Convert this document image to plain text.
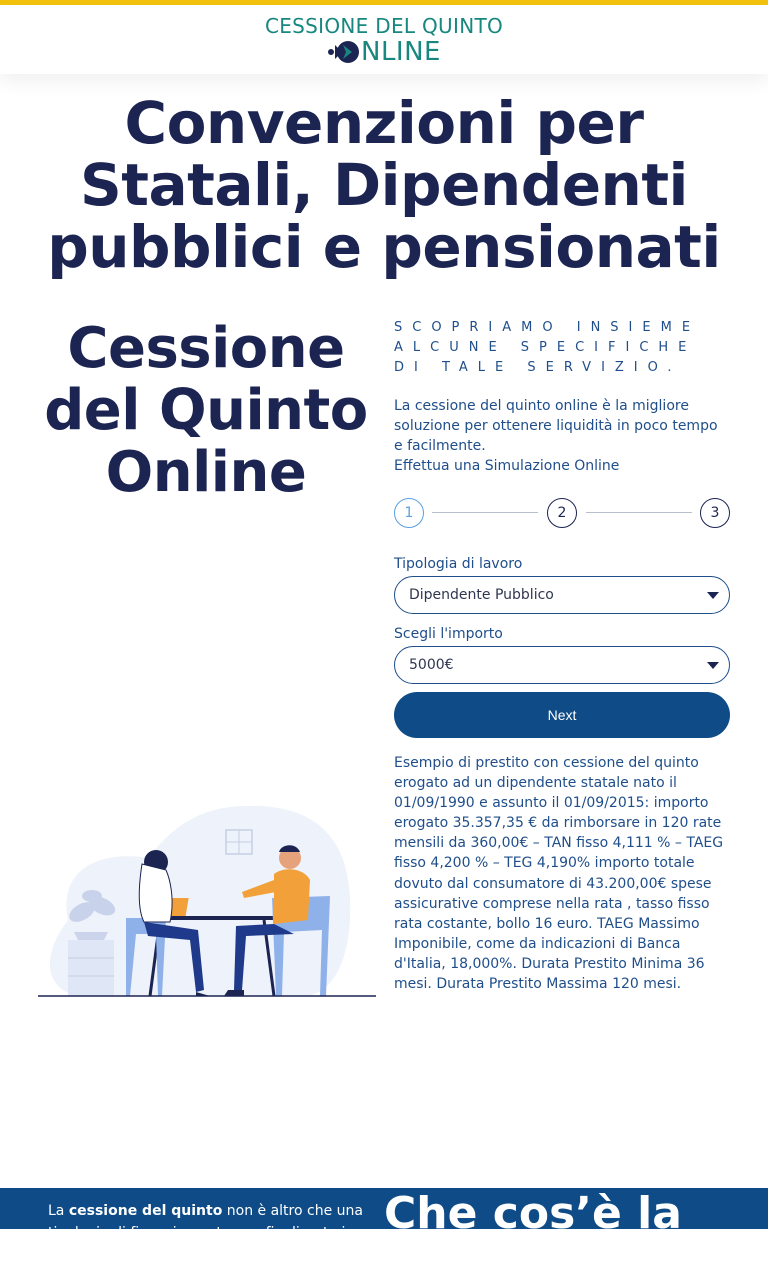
CESSIONE DEL QUINTO
NLINE
Convenzioni per Statali, Dipendenti pubblici e pensionati
Cessione del Quinto Online
SCOPRIAMO INSIEME ALCUNE SPECIFICHE DI TALE SERVIZIO.

La cessione del quinto online è la migliore soluzione per ottenere liquidità in poco tempo e facilmente.
Effettua una Simulazione Online

1	2	3
Tipologia di lavoro
Dipendente Pubblico
Scegli l'importo
5000€
Next

Esempio di prestito con cessione del quinto erogato ad un dipendente statale nato il 01/09/1990 e assunto il 01/09/2015: importo erogato 35.357,35 € da rimborsare in 120 rate mensili da 360,00€ – TAN fisso 4,111 % – TAEG fisso 4,200 % – TEG 4,190% importo totale dovuto dal consumatore di 43.200,00€ spese assicurative comprese nella rata , tasso fisso rata costante, bollo 16 euro. TAEG Massimo Imponibile, come da indicazioni di Banca d'Italia, 18,000%. Durata Prestito Minima 36 mesi. Durata Prestito Massima 120 mesi.

La cessione del quinto non è altro che una tipologia di finanziamento non finalizzato in cui

Che cos’è la
